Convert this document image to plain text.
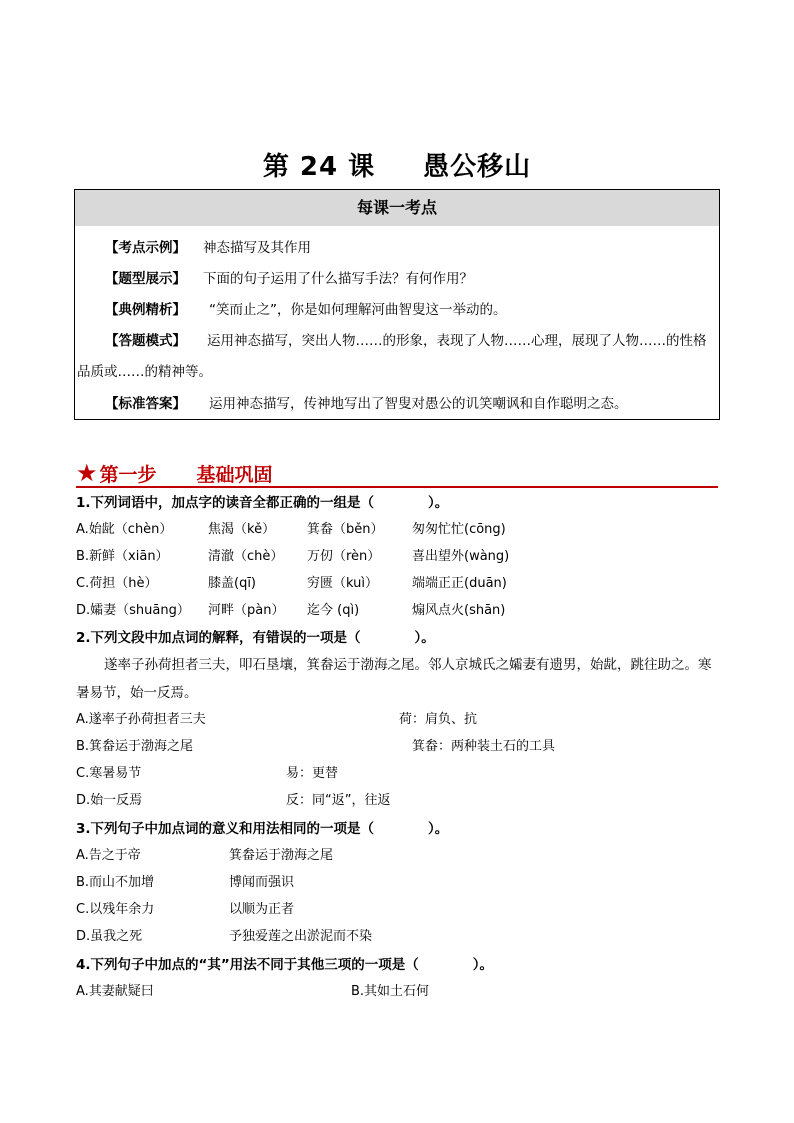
第 24 课 愚公移山
每课一考点
【考点示例】 神态描写及其作用
【题型展示】 下面的句子运用了什么描写手法？有何作用？
【典例精析】 “笑而止之”，你是如何理解河曲智叟这一举动的。
【答题模式】 运用神态描写，突出人物……的形象，表现了人物……心理，展现了人物……的性格
品质或……的精神等。
【标准答案】 运用神态描写，传神地写出了智叟对愚公的讥笑嘲讽和自作聪明之态。
★ 第一步 基础巩固
1.下列词语中，加点字的读音全都正确的一组是（　　　　）。
A.始龀（chèn）	焦渴（kě） 箕畚（běn） 匆匆忙忙(cōng)
B.新鲜（xiān）	清澈（chè） 万仞（rèn） 喜出望外(wàng)
C.荷担（hè）	膝盖(qī)	穷匮（kuì）	端端正正(duān)
D.孀妻（shuāng） 河畔（pàn） 迄今 (qì)	煽风点火(shān)
2.下列文段中加点词的解释，有错误的一项是（　　　　）。
遂率子孙荷担者三夫，叩石垦壤，箕畚运于渤海之尾。邻人京城氏之孀妻有遗男，始龀，跳往助之。寒暑易节，始一反焉。
A.遂率子孙荷担者三夫	荷：肩负、抗
B.箕畚运于渤海之尾	箕畚：两种装土石的工具
C.寒暑易节	易：更替
D.始一反焉	反：同“返”，往返
3.下列句子中加点词的意义和用法相同的一项是（　　　　）。
A.告之于帝	箕畚运于渤海之尾
B.而山不加增	博闻而强识
C.以残年余力	以顺为正者
D.虽我之死	予独爱莲之出淤泥而不染
4.下列句子中加点的“其”用法不同于其他三项的一项是（　　　　）。
A.其妻献疑曰	B.其如土石何
